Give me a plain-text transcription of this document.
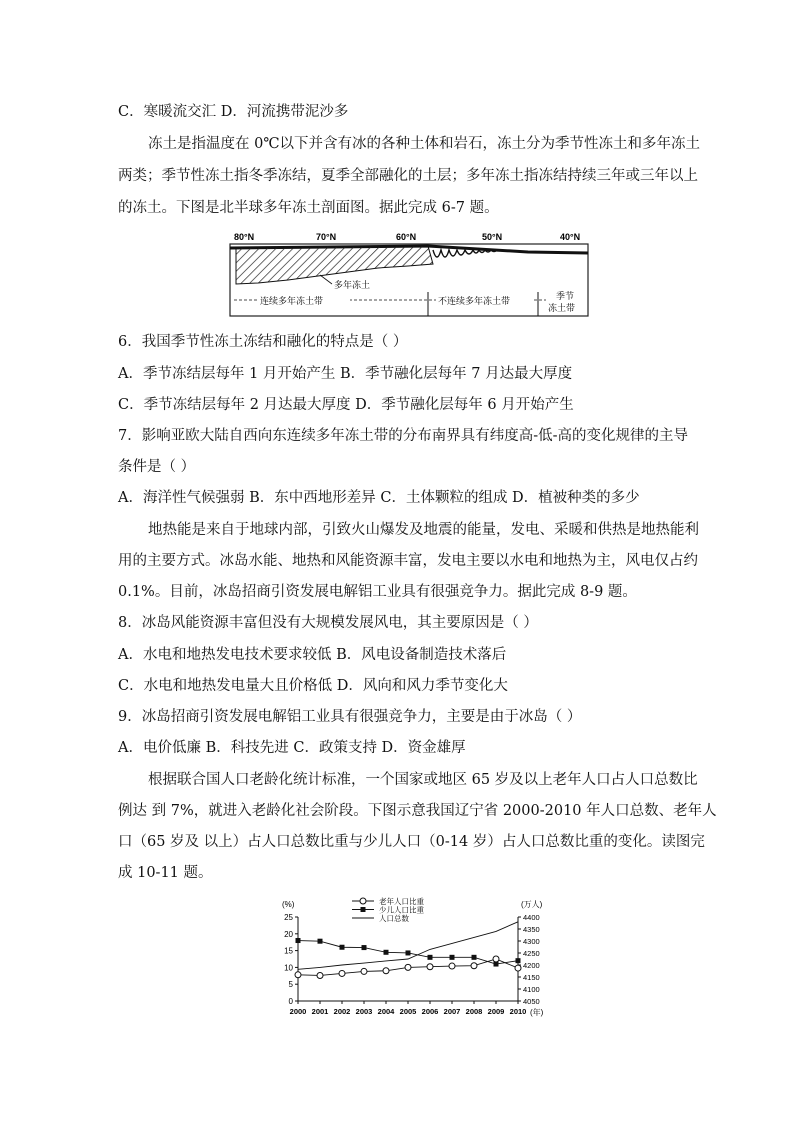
C．寒暖流交汇 D．河流携带泥沙多
冻土是指温度在 0℃以下并含有冰的各种土体和岩石，冻土分为季节性冻土和多年冻土
两类；季节性冻土指冬季冻结，夏季全部融化的土层；多年冻土指冻结持续三年或三年以上
的冻土。下图是北半球多年冻土剖面图。据此完成 6-7 题。
80°N	70°N	60°N	50°N	40°N
多年冻土
连续多年冻土带	不连续多年冻土带	季节
冻土带
6．我国季节性冻土冻结和融化的特点是（ ）
A．季节冻结层每年 1 月开始产生 B．季节融化层每年 7 月达最大厚度
C．季节冻结层每年 2 月达最大厚度 D．季节融化层每年 6 月开始产生
7．影响亚欧大陆自西向东连续多年冻土带的分布南界具有纬度高-低-高的变化规律的主导
条件是（ ）
A．海洋性气候强弱 B．东中西地形差异 C．土体颗粒的组成 D．植被种类的多少
地热能是来自于地球内部，引致火山爆发及地震的能量，发电、采暖和供热是地热能利
用的主要方式。冰岛水能、地热和风能资源丰富，发电主要以水电和地热为主，风电仅占约
0.1%。目前，冰岛招商引资发展电解铝工业具有很强竞争力。据此完成 8-9 题。
8．冰岛风能资源丰富但没有大规模发展风电，其主要原因是（ ）
A．水电和地热发电技术要求较低 B．风电设备制造技术落后
C．水电和地热发电量大且价格低 D．风向和风力季节变化大
9．冰岛招商引资发展电解铝工业具有很强竞争力，主要是由于冰岛（ ）
A．电价低廉 B．科技先进 C．政策支持 D．资金雄厚
根据联合国人口老龄化统计标准，一个国家或地区 65 岁及以上老年人口占人口总数比
例达 到 7%，就进入老龄化社会阶段。下图示意我国辽宁省 2000-2010 年人口总数、老年人
口（65 岁及 以上）占人口总数比重与少儿人口（0-14 岁）占人口总数比重的变化。读图完
成 10-11 题。
(%)	(万人)
(年)
老年人口比重
少儿人口比重
人口总数
0
5
10
15
20
25
4050
4100
4150
4200
4250
4300
4350
4400
2000 2001 2002 2003 2004 2005 2006 2007 2008 2009 2010
